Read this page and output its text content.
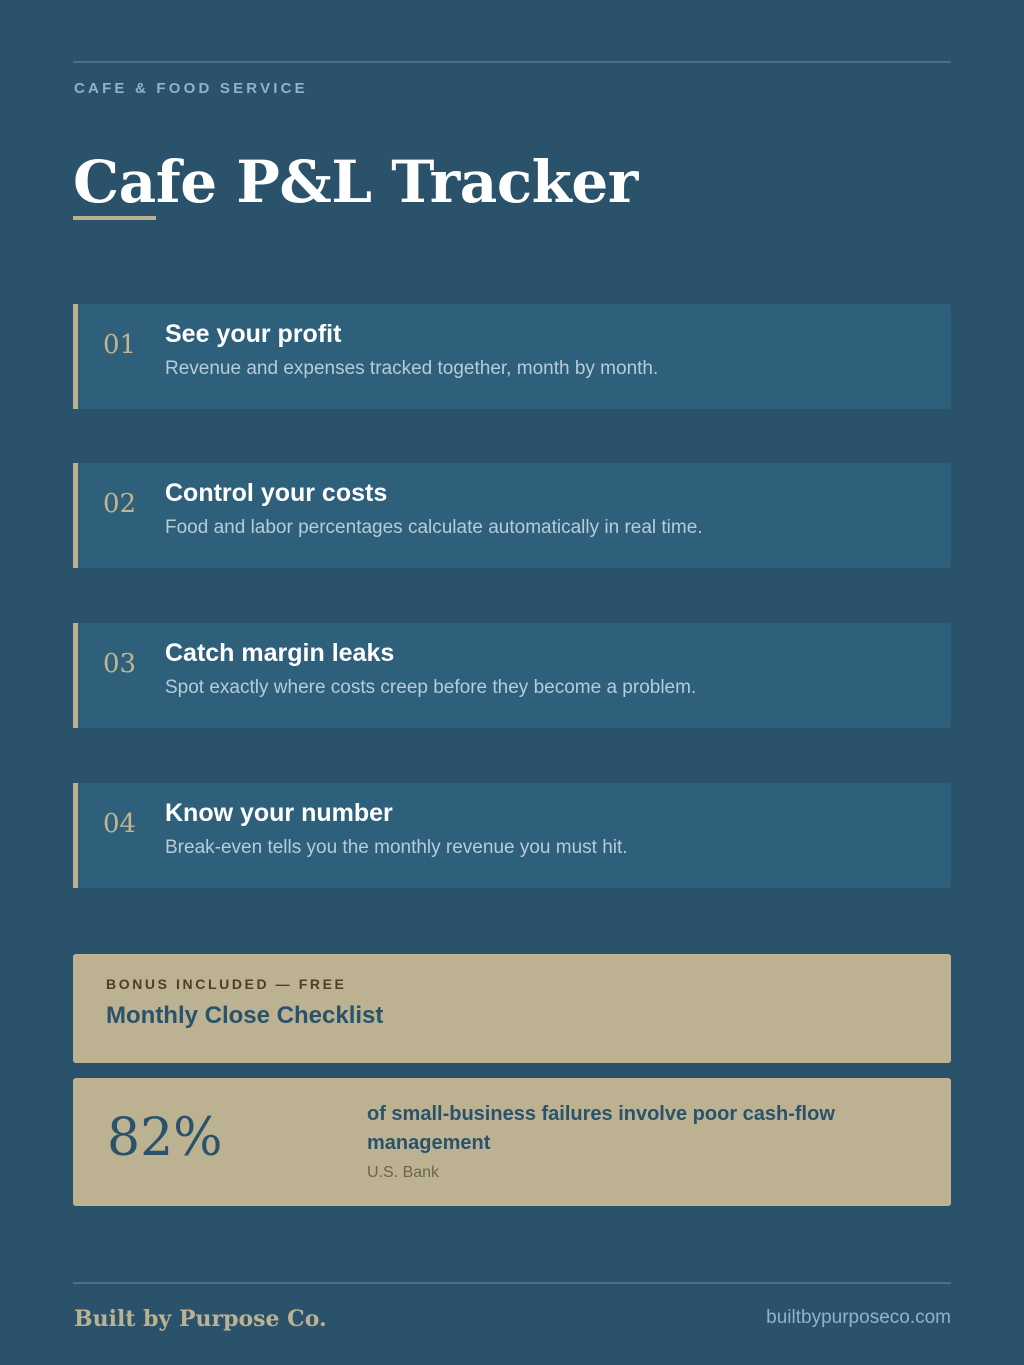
CAFE & FOOD SERVICE
Cafe P&L Tracker
01 See your profit
Revenue and expenses tracked together, month by month.
02 Control your costs
Food and labor percentages calculate automatically in real time.
03 Catch margin leaks
Spot exactly where costs creep before they become a problem.
04 Know your number
Break-even tells you the monthly revenue you must hit.
BONUS INCLUDED — FREE
Monthly Close Checklist
82%	of small-business failures involve poor cash-flow management
U.S. Bank
Built by Purpose Co.	builtbypurposeco.com
